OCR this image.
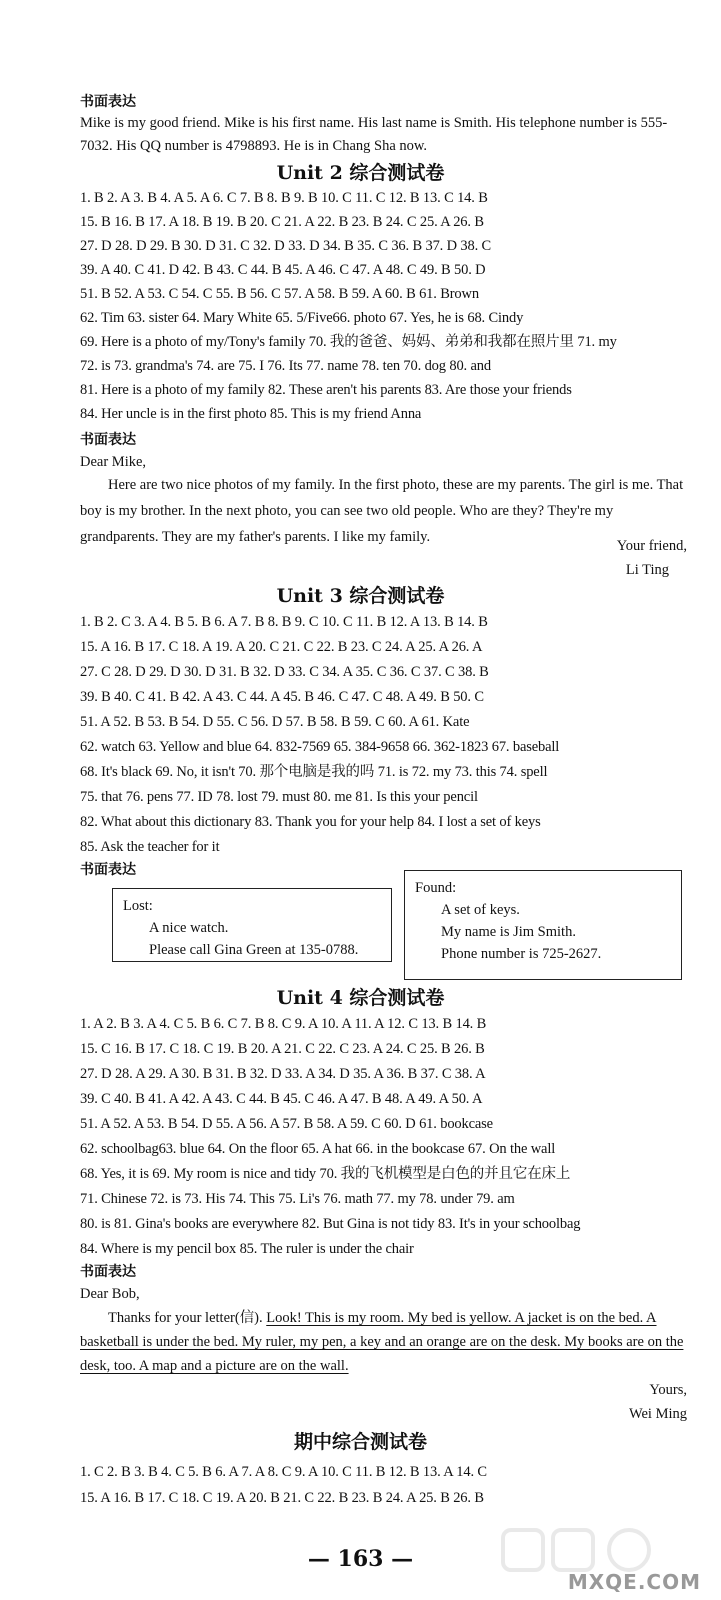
书面表达
Mike is my good friend. Mike is his first name. His last name is Smith. His telephone number is 555-7032. His QQ number is 4798893. He is in Chang Sha now.
Unit 2 综合测试卷
1. B 2. A 3. B 4. A 5. A 6. C 7. B 8. B 9. B 10. C 11. C 12. B 13. C 14. B
15. B 16. B 17. A 18. B 19. B 20. C 21. A 22. B 23. B 24. C 25. A 26. B
27. D 28. D 29. B 30. D 31. C 32. D 33. D 34. B 35. C 36. B 37. D 38. C
39. A 40. C 41. D 42. B 43. C 44. B 45. A 46. C 47. A 48. C 49. B 50. D
51. B 52. A 53. C 54. C 55. B 56. C 57. A 58. B 59. A 60. B 61. Brown
62. Tim 63. sister 64. Mary White 65. 5/Five66. photo 67. Yes, he is 68. Cindy
69. Here is a photo of my/Tony's family 70. 我的爸爸、妈妈、弟弟和我都在照片里 71. my
72. is 73. grandma's 74. are 75. I 76. Its 77. name 78. ten 70. dog 80. and
81. Here is a photo of my family 82. These aren't his parents 83. Are those your friends
84. Her uncle is in the first photo 85. This is my friend Anna
书面表达
Dear Mike,
Here are two nice photos of my family. In the first photo, these are my parents. The girl is me. That boy is my brother. In the next photo, you can see two old people. Who are they? They're my grandparents. They are my father's parents. I like my family.
Your friend,
Li Ting
Unit 3 综合测试卷
1. B 2. C 3. A 4. B 5. B 6. A 7. B 8. B 9. C 10. C 11. B 12. A 13. B 14. B
15. A 16. B 17. C 18. A 19. A 20. C 21. C 22. B 23. C 24. A 25. A 26. A
27. C 28. D 29. D 30. D 31. B 32. D 33. C 34. A 35. C 36. C 37. C 38. B
39. B 40. C 41. B 42. A 43. C 44. A 45. B 46. C 47. C 48. A 49. B 50. C
51. A 52. B 53. B 54. D 55. C 56. D 57. B 58. B 59. C 60. A 61. Kate
62. watch 63. Yellow and blue 64. 832-7569 65. 384-9658 66. 362-1823 67. baseball
68. It's black 69. No, it isn't 70. 那个电脑是我的吗 71. is 72. my 73. this 74. spell
75. that 76. pens 77. ID 78. lost 79. must 80. me 81. Is this your pencil
82. What about this dictionary 83. Thank you for your help 84. I lost a set of keys
85. Ask the teacher for it
书面表达
Lost:
A nice watch.
Please call Gina Green at 135-0788.
Found:
A set of keys.
My name is Jim Smith.
Phone number is 725-2627.
Unit 4 综合测试卷
1. A 2. B 3. A 4. C 5. B 6. C 7. B 8. C 9. A 10. A 11. A 12. C 13. B 14. B
15. C 16. B 17. C 18. C 19. B 20. A 21. C 22. C 23. A 24. C 25. B 26. B
27. D 28. A 29. A 30. B 31. B 32. D 33. A 34. D 35. A 36. B 37. C 38. A
39. C 40. B 41. A 42. A 43. C 44. B 45. C 46. A 47. B 48. A 49. A 50. A
51. A 52. A 53. B 54. D 55. A 56. A 57. B 58. A 59. C 60. D 61. bookcase
62. schoolbag63. blue 64. On the floor 65. A hat 66. in the bookcase 67. On the wall
68. Yes, it is 69. My room is nice and tidy 70. 我的飞机模型是白色的并且它在床上
71. Chinese 72. is 73. His 74. This 75. Li's 76. math 77. my 78. under 79. am
80. is 81. Gina's books are everywhere 82. But Gina is not tidy 83. It's in your schoolbag
84. Where is my pencil box 85. The ruler is under the chair
书面表达
Dear Bob,
Thanks for your letter(信). Look! This is my room. My bed is yellow. A jacket is on the bed. A basketball is under the bed. My ruler, my pen, a key and an orange are on the desk. My books are on the desk, too. A map and a picture are on the wall.
Yours,
Wei Ming
期中综合测试卷
1. C 2. B 3. B 4. C 5. B 6. A 7. A 8. C 9. A 10. C 11. B 12. B 13. A 14. C
15. A 16. B 17. C 18. C 19. A 20. B 21. C 22. B 23. B 24. A 25. B 26. B
— 163 —
MXQE.COM
